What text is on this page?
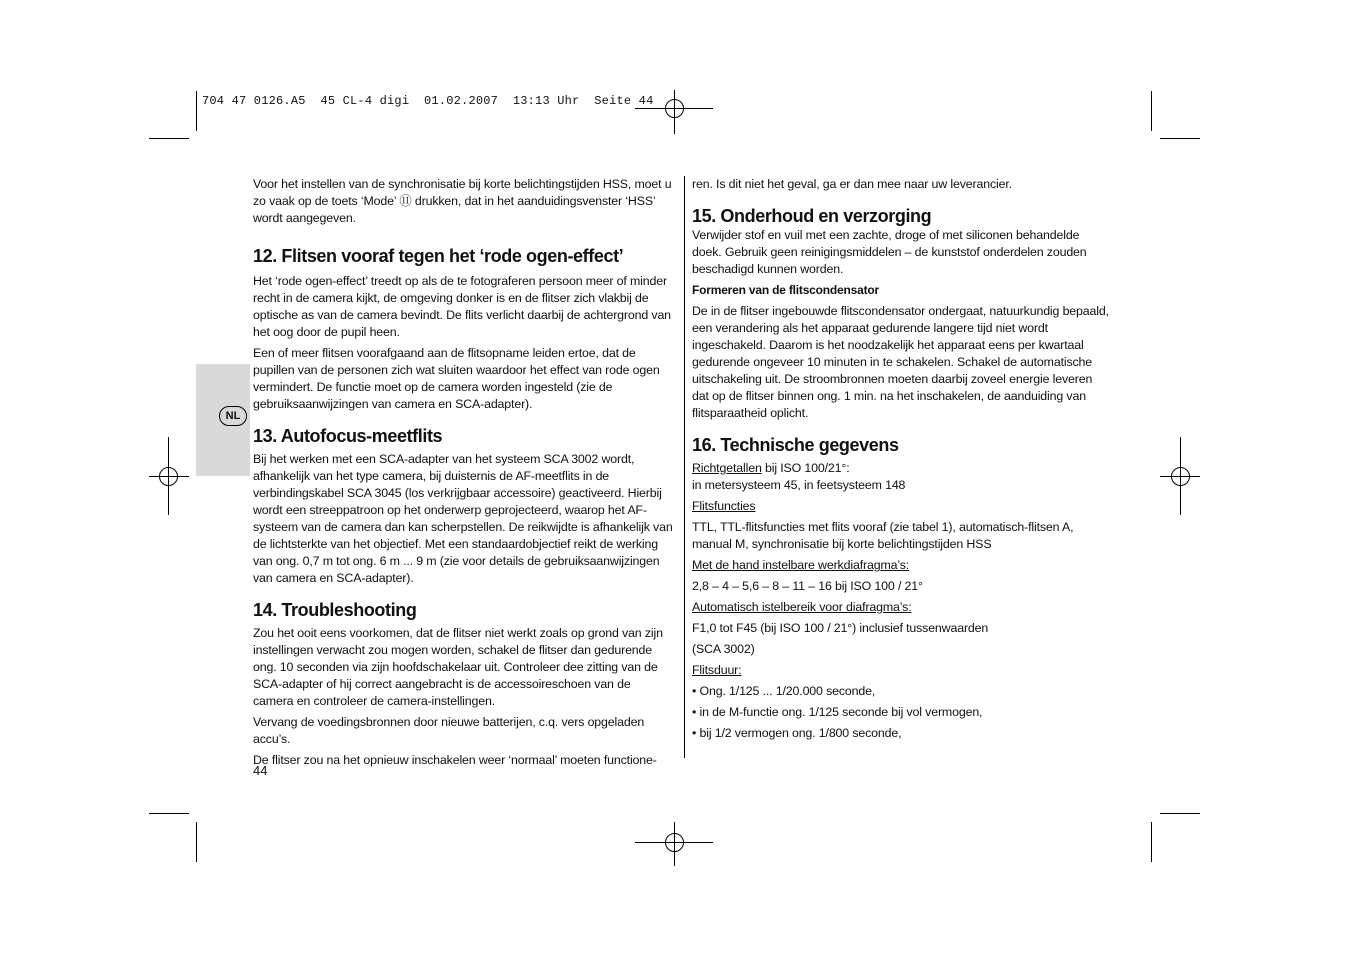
704 47 0126.A5  45 CL-4 digi  01.02.2007  13:13 Uhr  Seite 44
NL

Voor het instellen van de synchronisatie bij korte belichtingstijden HSS, moet u zo vaak op de toets ‘Mode’ ⑪ drukken, dat in het aanduidingsvenster ‘HSS’ wordt aangegeven.

12. Flitsen vooraf tegen het ‘rode ogen-effect’

Het ‘rode ogen-effect’ treedt op als de te fotograferen persoon meer of minder recht in de camera kijkt, de omgeving donker is en de flitser zich vlakbij de optische as van de camera bevindt. De flits verlicht daarbij de achtergrond van het oog door de pupil heen.

Een of meer flitsen voorafgaand aan de flitsopname leiden ertoe, dat de pupillen van de personen zich wat sluiten waardoor het effect van rode ogen vermindert. De functie moet op de camera worden ingesteld (zie de gebruiksaanwijzingen van camera en SCA-adapter).

13. Autofocus-meetflits

Bij het werken met een SCA-adapter van het systeem SCA 3002 wordt, afhankelijk van het type camera, bij duisternis de AF-meetflits in de verbindingskabel SCA 3045 (los verkrijgbaar accessoire) geactiveerd. Hierbij wordt een streeppatroon op het onderwerp geprojecteerd, waarop het AF-systeem van de camera dan kan scherpstellen. De reikwijdte is afhankelijk van de lichtsterkte van het objectief. Met een standaardobjectief reikt de werking van ong. 0,7 m tot ong. 6 m ... 9 m (zie voor details de gebruiksaanwijzingen van camera en SCA-adapter).

14. Troubleshooting

Zou het ooit eens voorkomen, dat de flitser niet werkt zoals op grond van zijn instellingen verwacht zou mogen worden, schakel de flitser dan gedurende ong. 10 seconden via zijn hoofdschakelaar uit. Controleer dee zitting van de SCA-adapter of hij correct aangebracht is de accessoireschoen van de camera en controleer de camera-instellingen.

Vervang de voedingsbronnen door nieuwe batterijen, c.q. vers opgeladen accu’s.

De flitser zou na het opnieuw inschakelen weer ‘normaal’ moeten functione-

44

ren. Is dit niet het geval, ga er dan mee naar uw leverancier.

15. Onderhoud en verzorging

Verwijder stof en vuil met een zachte, droge of met siliconen behandelde doek. Gebruik geen reinigingsmiddelen – de kunststof onderdelen zouden beschadigd kunnen worden.

Formeren van de flitscondensator

De in de flitser ingebouwde flitscondensator ondergaat, natuurkundig bepaald, een verandering als het apparaat gedurende langere tijd niet wordt ingeschakeld. Daarom is het noodzakelijk het apparaat eens per kwartaal gedurende ongeveer 10 minuten in te schakelen. Schakel de automatische uitschakeling uit. De stroombronnen moeten daarbij zoveel energie leveren dat op de flitser binnen ong. 1 min. na het inschakelen, de aanduiding van flitsparaatheid oplicht.

16. Technische gegevens

Richtgetallen bij ISO 100/21°:

in metersysteem 45, in feetsysteem 148

Flitsfuncties

TTL, TTL-flitsfuncties met flits vooraf (zie tabel 1), automatisch-flitsen A, manual M, synchronisatie bij korte belichtingstijden HSS

Met de hand instelbare werkdiafragma’s:

2,8 – 4 – 5,6 – 8 – 11 – 16 bij ISO 100 / 21°

Automatisch istelbereik voor diafragma’s:

F1,0 tot F45 (bij ISO 100 / 21°) inclusief tussenwaarden

(SCA 3002)

Flitsduur:

• Ong. 1/125 ... 1/20.000 seconde,

• in de M-functie ong. 1/125 seconde bij vol vermogen,

• bij 1/2 vermogen ong. 1/800 seconde,
